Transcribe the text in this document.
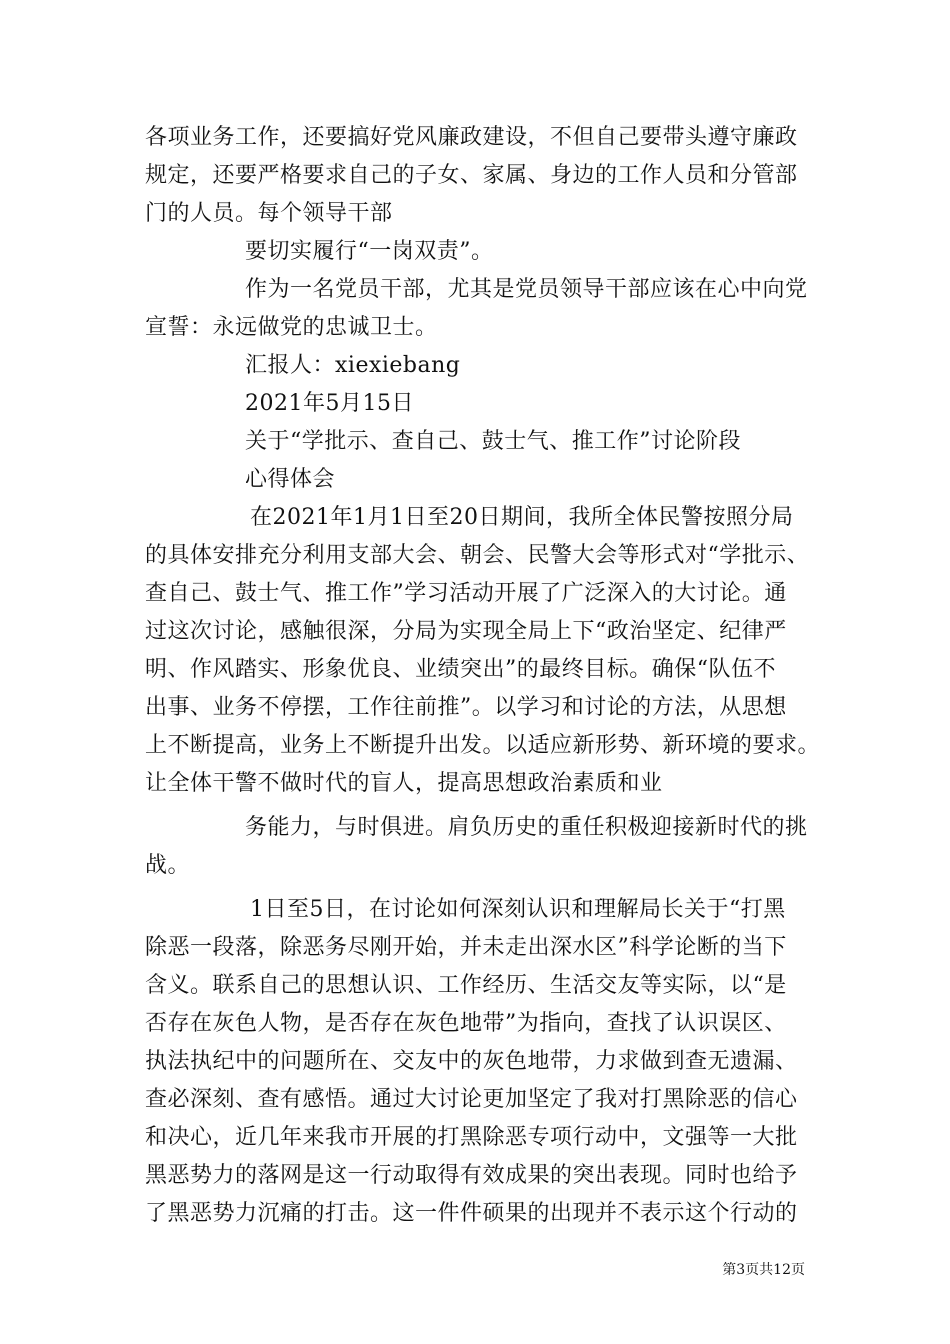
各项业务工作，还要搞好党风廉政建设，不但自己要带头遵守廉政
规定，还要严格要求自己的子女、家属、身边的工作人员和分管部
门的人员。每个领导干部
要切实履行“一岗双责”。
作为一名党员干部，尤其是党员领导干部应该在心中向党
宣誓：永远做党的忠诚卫士。
汇报人：xiexiebang
2021年5月15日
关于“学批示、查自己、鼓士气、推工作”讨论阶段
心得体会
在2021年1月1日至20日期间，我所全体民警按照分局
的具体安排充分利用支部大会、朝会、民警大会等形式对“学批示、
查自己、鼓士气、推工作”学习活动开展了广泛深入的大讨论。通
过这次讨论，感触很深，分局为实现全局上下“政治坚定、纪律严
明、作风踏实、形象优良、业绩突出”的最终目标。确保“队伍不
出事、业务不停摆，工作往前推”。以学习和讨论的方法，从思想
上不断提高，业务上不断提升出发。以适应新形势、新环境的要求。
让全体干警不做时代的盲人，提高思想政治素质和业
务能力，与时俱进。肩负历史的重任积极迎接新时代的挑
战。
1日至5日，在讨论如何深刻认识和理解局长关于“打黑
除恶一段落，除恶务尽刚开始，并未走出深水区”科学论断的当下
含义。联系自己的思想认识、工作经历、生活交友等实际，以“是
否存在灰色人物，是否存在灰色地带”为指向，查找了认识误区、
执法执纪中的问题所在、交友中的灰色地带，力求做到查无遗漏、
查必深刻、查有感悟。通过大讨论更加坚定了我对打黑除恶的信心
和决心，近几年来我市开展的打黑除恶专项行动中，文强等一大批
黑恶势力的落网是这一行动取得有效成果的突出表现。同时也给予
了黑恶势力沉痛的打击。这一件件硕果的出现并不表示这个行动的
第3页共12页
